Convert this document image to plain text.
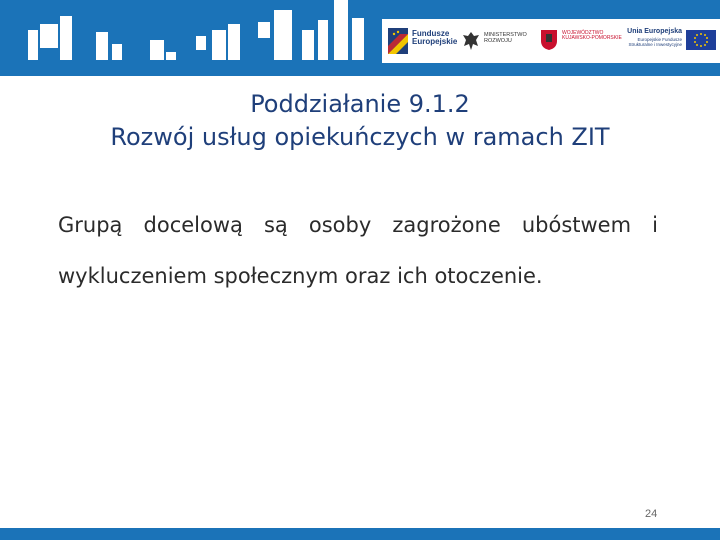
Fundusze
Europejskie
MINISTERSTWO
ROZWOJU
WOJEWÓDZTWO
KUJAWSKO-POMORSKIE
Unia Europejska
Europejskie Fundusze
Strukturalne i Inwestycyjne
Poddziałanie 9.1.2
Rozwój usług opiekuńczych w ramach ZIT
Grupą docelową są osoby zagrożone ubóstwem i
wykluczeniem społecznym oraz ich otoczenie.
24
